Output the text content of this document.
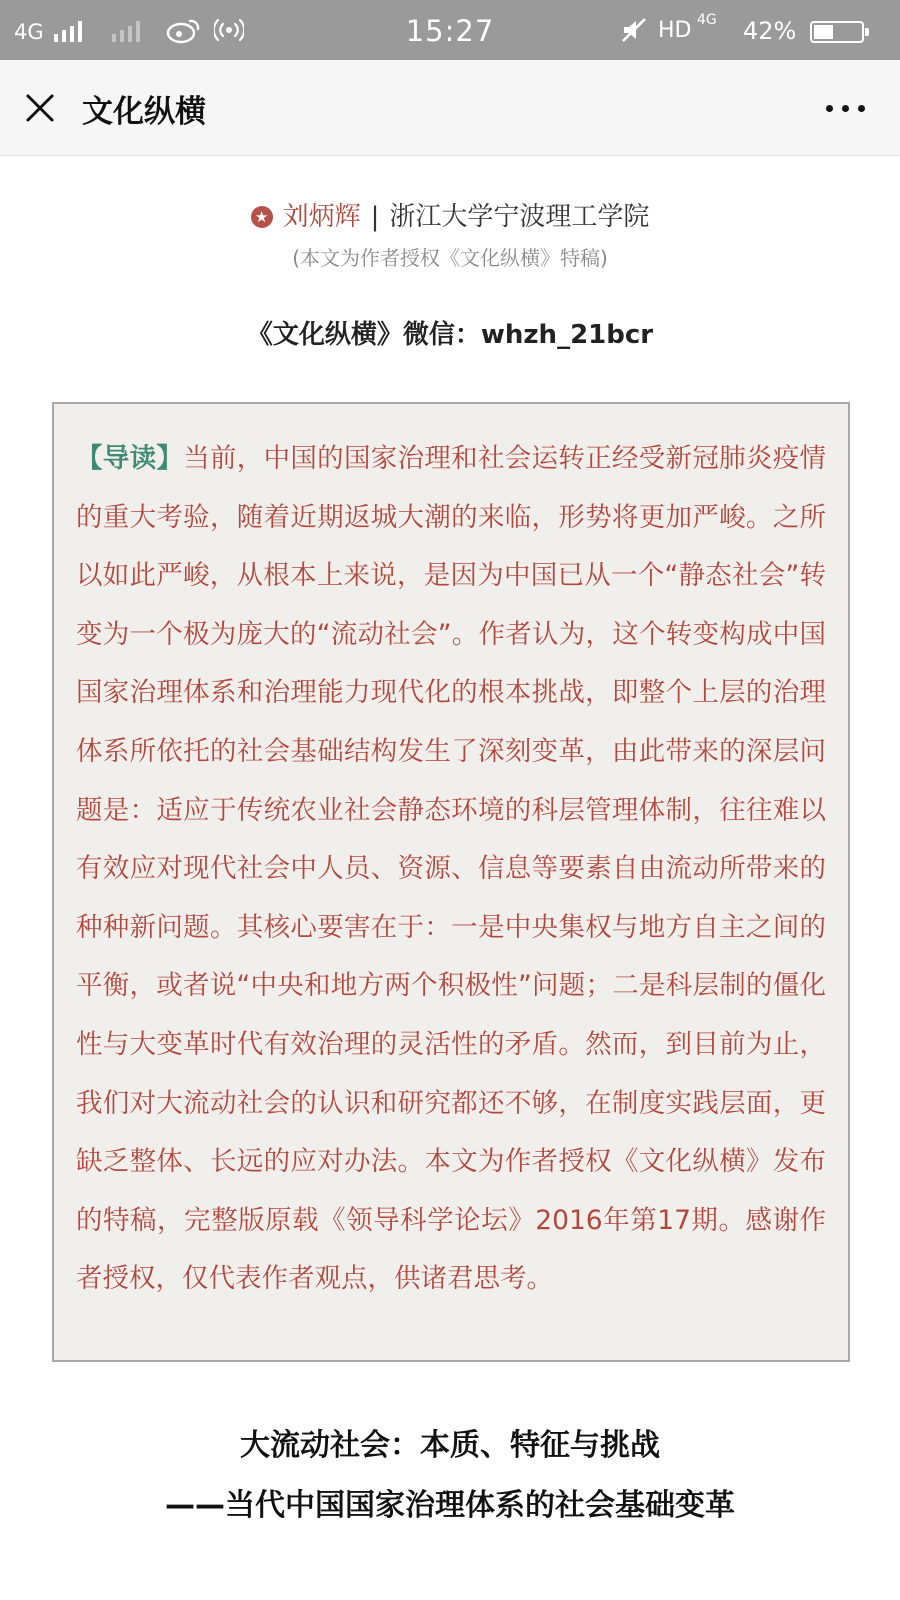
4G	15:27	HD 4G 42%
文化纵横
★ 刘炳辉 | 浙江大学宁波理工学院
(本文为作者授权《文化纵横》特稿)
《文化纵横》微信：whzh_21bcr

【导读】当前，中国的国家治理和社会运转正经受新冠肺炎疫情的重大考验，随着近期返城大潮的来临，形势将更加严峻。之所以如此严峻，从根本上来说，是因为中国已从一个“静态社会”转变为一个极为庞大的“流动社会”。作者认为，这个转变构成中国国家治理体系和治理能力现代化的根本挑战，即整个上层的治理体系所依托的社会基础结构发生了深刻变革，由此带来的深层问题是：适应于传统农业社会静态环境的科层管理体制，往往难以有效应对现代社会中人员、资源、信息等要素自由流动所带来的种种新问题。其核心要害在于：一是中央集权与地方自主之间的平衡，或者说“中央和地方两个积极性”问题；二是科层制的僵化性与大变革时代有效治理的灵活性的矛盾。然而，到目前为止，我们对大流动社会的认识和研究都还不够，在制度实践层面，更缺乏整体、长远的应对办法。本文为作者授权《文化纵横》发布的特稿，完整版原载《领导科学论坛》2016年第17期。感谢作者授权，仅代表作者观点，供诸君思考。

大流动社会：本质、特征与挑战
——当代中国国家治理体系的社会基础变革
